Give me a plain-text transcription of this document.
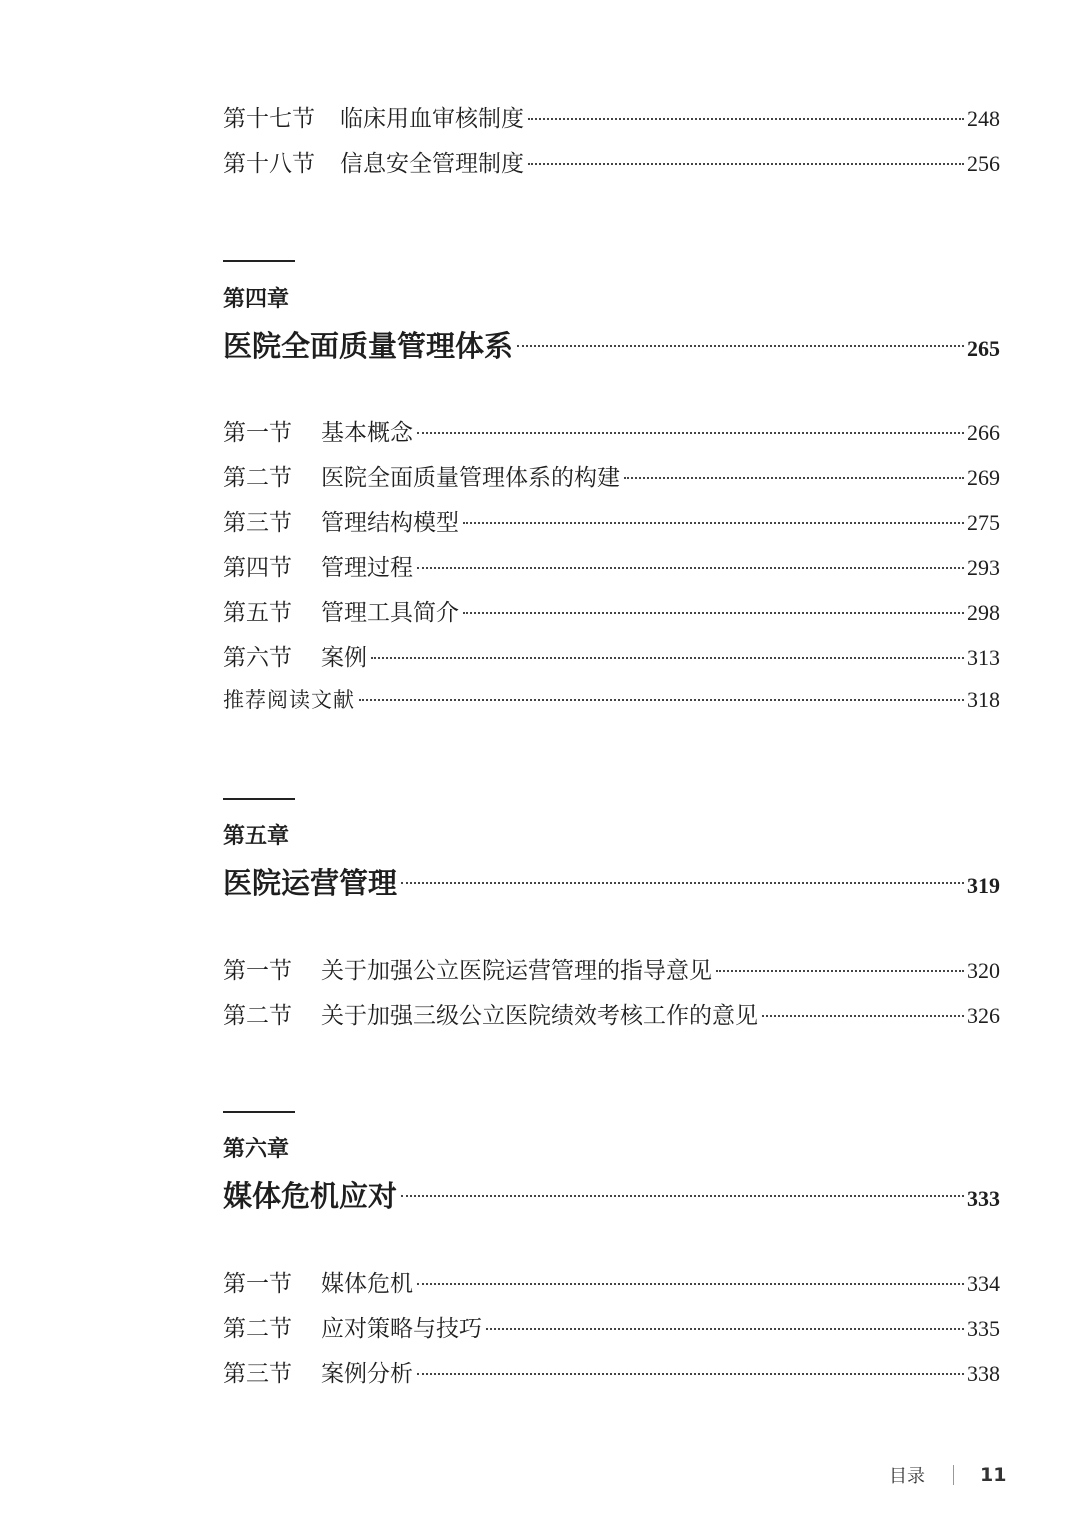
第十七节 临床用血审核制度	248
第十八节 信息安全管理制度	256
第四章
医院全面质量管理体系	265
第一节 基本概念	266
第二节 医院全面质量管理体系的构建	269
第三节 管理结构模型	275
第四节 管理过程	293
第五节 管理工具简介	298
第六节 案例	313
推荐阅读文献	318
第五章
医院运营管理	319
第一节 关于加强公立医院运营管理的指导意见	320
第二节 关于加强三级公立医院绩效考核工作的意见	326
第六章
媒体危机应对	333
第一节 媒体危机	334
第二节 应对策略与技巧	335
第三节 案例分析	338
目录	11
